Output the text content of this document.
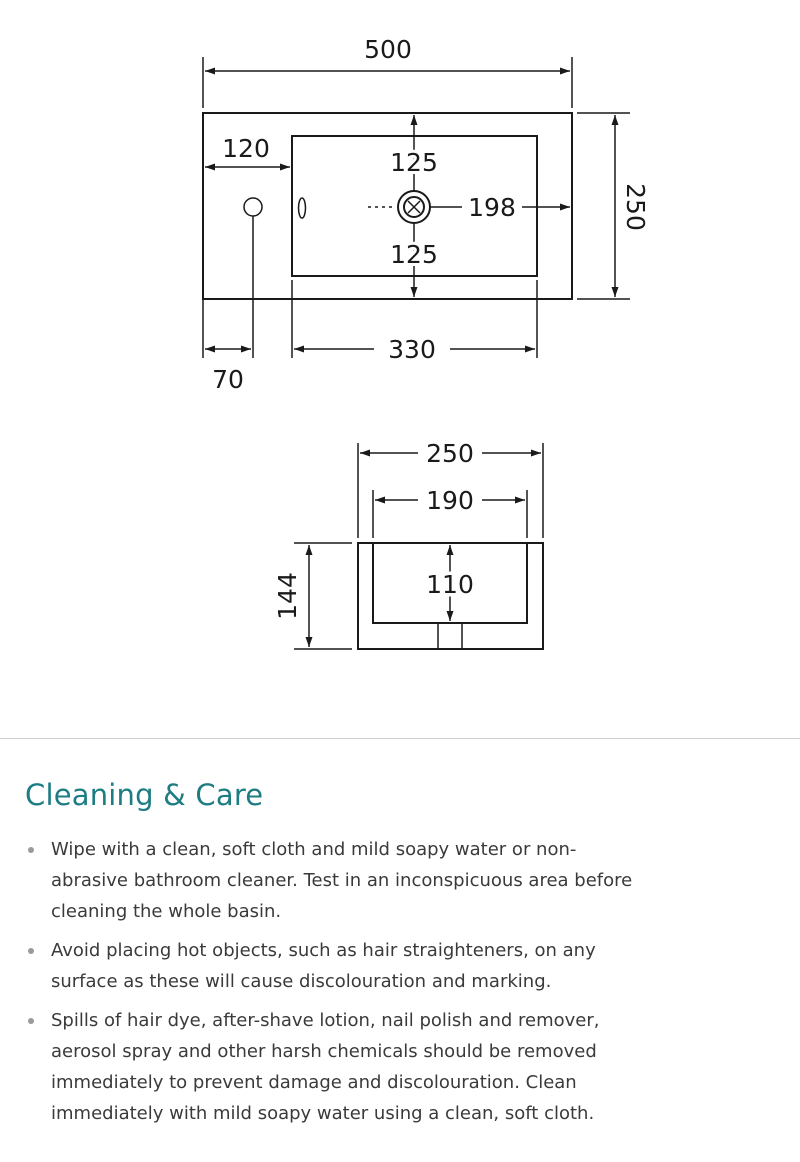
500
120	125
125
198	250
70
330
250
190
144	110
Cleaning & Care
Wipe with a clean, soft cloth and mild soapy water or non-abrasive bathroom cleaner. Test in an inconspicuous area before cleaning the whole basin.
Avoid placing hot objects, such as hair straighteners, on any surface as these will cause discolouration and marking.
Spills of hair dye, after-shave lotion, nail polish and remover, aerosol spray and other harsh chemicals should be removed immediately to prevent damage and discolouration. Clean immediately with mild soapy water using a clean, soft cloth.
